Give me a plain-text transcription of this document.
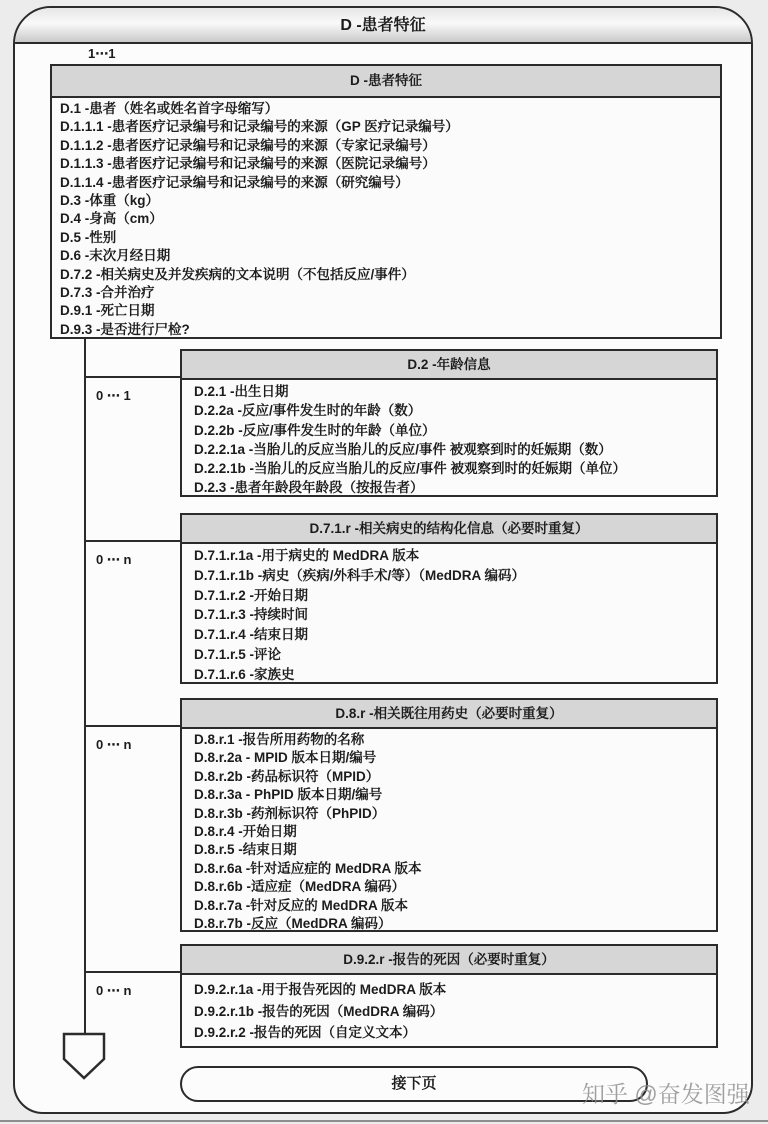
D -患者特征
1⋯1
D -患者特征
D.1 -患者（姓名或姓名首字母缩写）
D.1.1.1 -患者医疗记录编号和记录编号的来源（GP 医疗记录编号）
D.1.1.2 -患者医疗记录编号和记录编号的来源（专家记录编号）
D.1.1.3 -患者医疗记录编号和记录编号的来源（医院记录编号）
D.1.1.4 -患者医疗记录编号和记录编号的来源（研究编号）
D.3 -体重（kg）
D.4 -身高（cm）
D.5 -性别
D.6 -末次月经日期
D.7.2 -相关病史及并发疾病的文本说明（不包括反应/事件）
D.7.3 -合并治疗
D.9.1 -死亡日期
D.9.3 -是否进行尸检?
0 ⋯ 1
0 ⋯ n
0 ⋯ n
0 ⋯ n
D.2 -年龄信息
D.2.1 -出生日期
D.2.2a -反应/事件发生时的年龄（数）
D.2.2b -反应/事件发生时的年龄（单位）
D.2.2.1a -当胎儿的反应当胎儿的反应/事件 被观察到时的妊娠期（数）
D.2.2.1b -当胎儿的反应当胎儿的反应/事件 被观察到时的妊娠期（单位）
D.2.3 -患者年龄段年龄段（按报告者）
D.7.1.r -相关病史的结构化信息（必要时重复）
D.7.1.r.1a -用于病史的 MedDRA 版本
D.7.1.r.1b -病史（疾病/外科手术/等）（MedDRA 编码）
D.7.1.r.2 -开始日期
D.7.1.r.3 -持续时间
D.7.1.r.4 -结束日期
D.7.1.r.5 -评论
D.7.1.r.6 -家族史
D.8.r -相关既往用药史（必要时重复）
D.8.r.1 -报告所用药物的名称
D.8.r.2a - MPID 版本日期/编号
D.8.r.2b -药品标识符（MPID）
D.8.r.3a - PhPID 版本日期/编号
D.8.r.3b -药剂标识符（PhPID）
D.8.r.4 -开始日期
D.8.r.5 -结束日期
D.8.r.6a -针对适应症的 MedDRA 版本
D.8.r.6b -适应症（MedDRA 编码）
D.8.r.7a -针对反应的 MedDRA 版本
D.8.r.7b -反应（MedDRA 编码）
D.9.2.r -报告的死因（必要时重复）
D.9.2.r.1a -用于报告死因的 MedDRA 版本
D.9.2.r.1b -报告的死因（MedDRA 编码）
D.9.2.r.2 -报告的死因（自定义文本）
接下页	知乎 @奋发图强
